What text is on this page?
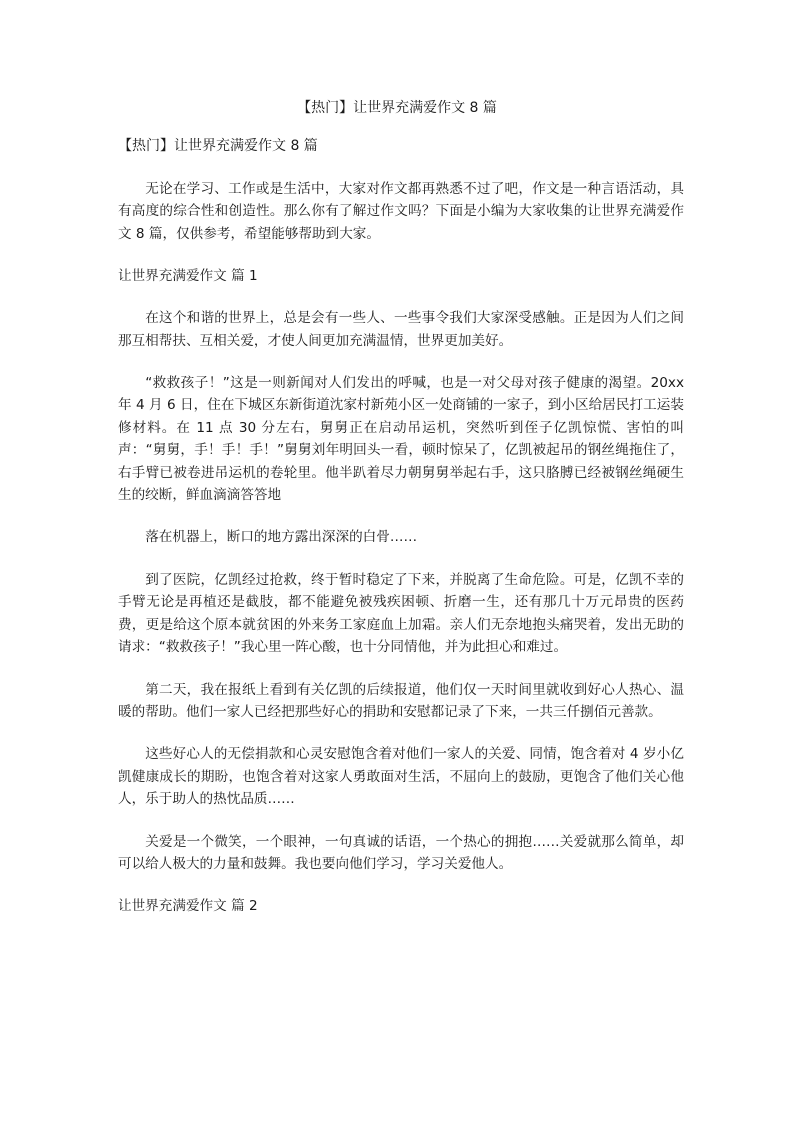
【热门】让世界充满爱作文 8 篇
【热门】让世界充满爱作文 8 篇

无论在学习、工作或是生活中，大家对作文都再熟悉不过了吧，作文是一种言语活动，具有高度的综合性和创造性。那么你有了解过作文吗？下面是小编为大家收集的让世界充满爱作文 8 篇，仅供参考，希望能够帮助到大家。

让世界充满爱作文 篇 1

在这个和谐的世界上，总是会有一些人、一些事令我们大家深受感触。正是因为人们之间那互相帮扶、互相关爱，才使人间更加充满温情，世界更加美好。

“救救孩子！”这是一则新闻对人们发出的呼喊，也是一对父母对孩子健康的渴望。20xx 年 4 月 6 日，住在下城区东新街道沈家村新苑小区一处商铺的一家子，到小区给居民打工运装修材料。在 11 点 30 分左右，舅舅正在启动吊运机，突然听到侄子亿凯惊慌、害怕的叫声：“舅舅，手！手！手！”舅舅刘年明回头一看，顿时惊呆了，亿凯被起吊的钢丝绳拖住了，右手臂已被卷进吊运机的卷轮里。他半趴着尽力朝舅舅举起右手，这只胳膊已经被钢丝绳硬生生的绞断，鲜血滴滴答答地

落在机器上，断口的地方露出深深的白骨……

到了医院，亿凯经过抢救，终于暂时稳定了下来，并脱离了生命危险。可是，亿凯不幸的手臂无论是再植还是截肢，都不能避免被残疾困顿、折磨一生，还有那几十万元昂贵的医药费，更是给这个原本就贫困的外来务工家庭血上加霜。亲人们无奈地抱头痛哭着，发出无助的请求：“救救孩子！”我心里一阵心酸，也十分同情他，并为此担心和难过。

第二天，我在报纸上看到有关亿凯的后续报道，他们仅一天时间里就收到好心人热心、温暖的帮助。他们一家人已经把那些好心的捐助和安慰都记录了下来，一共三仟捌佰元善款。

这些好心人的无偿捐款和心灵安慰饱含着对他们一家人的关爱、同情，饱含着对 4 岁小亿凯健康成长的期盼，也饱含着对这家人勇敢面对生活，不屈向上的鼓励，更饱含了他们关心他人，乐于助人的热忱品质……

关爱是一个微笑，一个眼神，一句真诚的话语，一个热心的拥抱……关爱就那么简单，却可以给人极大的力量和鼓舞。我也要向他们学习，学习关爱他人。

让世界充满爱作文 篇 2
